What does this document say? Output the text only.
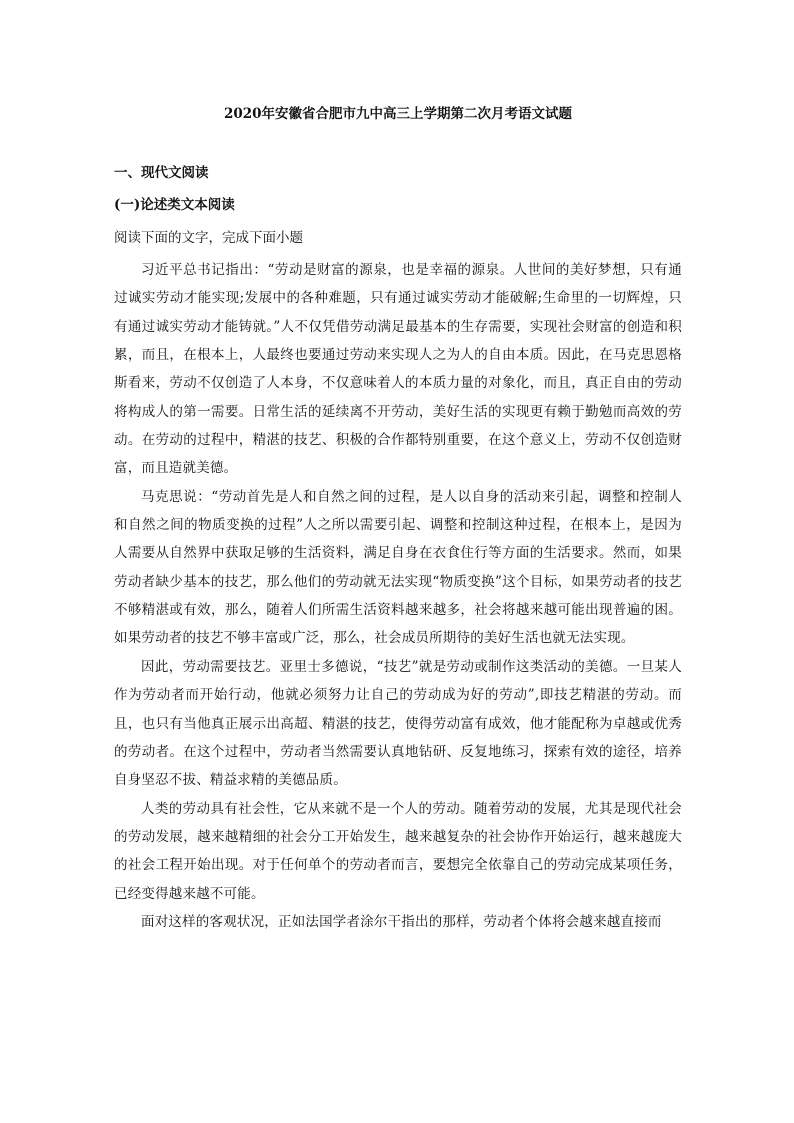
2020年安徽省合肥市九中高三上学期第二次月考语文试题
一、现代文阅读
(一)论述类文本阅读
阅读下面的文字，完成下面小题

习近平总书记指出：“劳动是财富的源泉，也是幸福的源泉。人世间的美好梦想，只有通过诚实劳动才能实现;发展中的各种难题，只有通过诚实劳动才能破解;生命里的一切辉煌，只有通过诚实劳动才能铸就。”人不仅凭借劳动满足最基本的生存需要，实现社会财富的创造和积累，而且，在根本上，人最终也要通过劳动来实现人之为人的自由本质。因此，在马克思恩格斯看来，劳动不仅创造了人本身，不仅意味着人的本质力量的对象化，而且，真正自由的劳动将构成人的第一需要。日常生活的延续离不开劳动，美好生活的实现更有赖于勤勉而高效的劳动。在劳动的过程中，精湛的技艺、积极的合作都特别重要，在这个意义上，劳动不仅创造财富，而且造就美德。

马克思说：“劳动首先是人和自然之间的过程，是人以自身的活动来引起，调整和控制人和自然之间的物质变换的过程”人之所以需要引起、调整和控制这种过程，在根本上，是因为人需要从自然界中获取足够的生活资料，满足自身在衣食住行等方面的生活要求。然而，如果劳动者缺少基本的技艺，那么他们的劳动就无法实现“物质变换”这个目标，如果劳动者的技艺不够精湛或有效，那么，随着人们所需生活资料越来越多，社会将越来越可能出现普遍的困。如果劳动者的技艺不够丰富或广泛，那么，社会成员所期待的美好生活也就无法实现。

因此，劳动需要技艺。亚里士多德说，“技艺”就是劳动或制作这类活动的美德。一旦某人作为劳动者而开始行动，他就必须努力让自己的劳动成为好的劳动”,即技艺精湛的劳动。而且，也只有当他真正展示出高超、精湛的技艺，使得劳动富有成效，他才能配称为卓越或优秀的劳动者。在这个过程中，劳动者当然需要认真地钻研、反复地练习，探索有效的途径，培养自身坚忍不拔、精益求精的美德品质。

人类的劳动具有社会性，它从来就不是一个人的劳动。随着劳动的发展，尤其是现代社会的劳动发展，越来越精细的社会分工开始发生，越来越复杂的社会协作开始运行，越来越庞大的社会工程开始出现。对于任何单个的劳动者而言，要想完全依靠自己的劳动完成某项任务，已经变得越来越不可能。

面对这样的客观状况，正如法国学者涂尔干指出的那样，劳动者个体将会越来越直接而
